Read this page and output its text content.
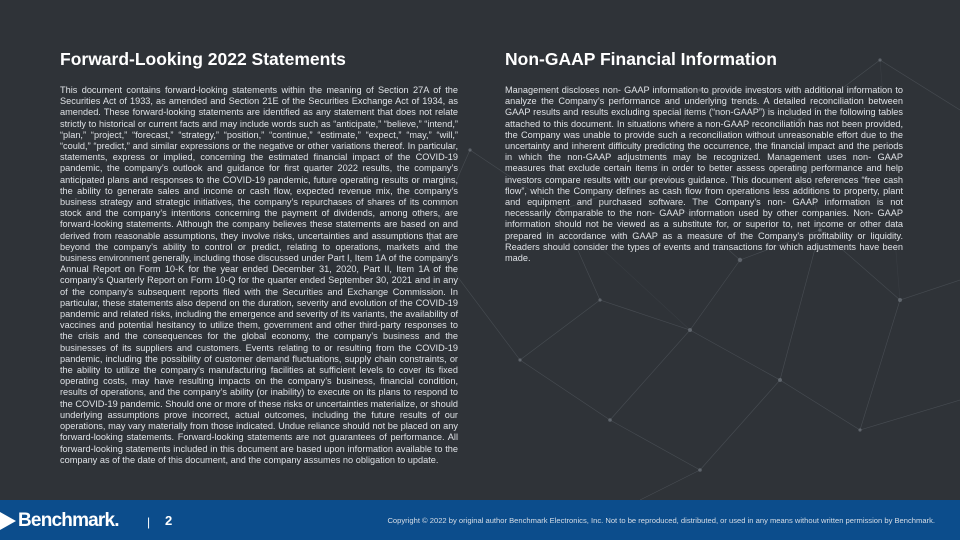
Forward-Looking 2022 Statements

This document contains forward-looking statements within the meaning of Section 27A of the Securities Act of 1933, as amended and Section 21E of the Securities Exchange Act of 1934, as amended. These forward-looking statements are identified as any statement that does not relate strictly to historical or current facts and may include words such as “anticipate,” “believe,” “intend,” “plan,” “project,” “forecast,” “strategy,” “position,” “continue,” “estimate,” “expect,” “may,” “will,” “could,” “predict,” and similar expressions or the negative or other variations thereof. In particular, statements, express or implied, concerning the estimated financial impact of the COVID-19 pandemic, the company’s outlook and guidance for first quarter 2022 results, the company’s anticipated plans and responses to the COVID-19 pandemic, future operating results or margins, the ability to generate sales and income or cash flow, expected revenue mix, the company’s business strategy and strategic initiatives, the company’s repurchases of shares of its common stock and the company’s intentions concerning the payment of dividends, among others, are forward-looking statements. Although the company believes these statements are based on and derived from reasonable assumptions, they involve risks, uncertainties and assumptions that are beyond the company’s ability to control or predict, relating to operations, markets and the business environment generally, including those discussed under Part I, Item 1A of the company's Annual Report on Form 10-K for the year ended December 31, 2020, Part II, Item 1A of the company's Quarterly Report on Form 10-Q for the quarter ended September 30, 2021 and in any of the company’s subsequent reports filed with the Securities and Exchange Commission. In particular, these statements also depend on the duration, severity and evolution of the COVID-19 pandemic and related risks, including the emergence and severity of its variants, the availability of vaccines and potential hesitancy to utilize them, government and other third-party responses to the crisis and the consequences for the global economy, the company’s business and the businesses of its suppliers and customers. Events relating to or resulting from the COVID-19 pandemic, including the possibility of customer demand fluctuations, supply chain constraints, or the ability to utilize the company’s manufacturing facilities at sufficient levels to cover its fixed operating costs, may have resulting impacts on the company’s business, financial condition, results of operations, and the company’s ability (or inability) to execute on its plans to respond to the COVID-19 pandemic. Should one or more of these risks or uncertainties materialize, or should underlying assumptions prove incorrect, actual outcomes, including the future results of our operations, may vary materially from those indicated. Undue reliance should not be placed on any forward-looking statements. Forward-looking statements are not guarantees of performance. All forward-looking statements included in this document are based upon information available to the company as of the date of this document, and the company assumes no obligation to update.

Non-GAAP Financial Information

Management discloses non‑ GAAP information to provide investors with additional information to analyze the Company’s performance and underlying trends. A detailed reconciliation between GAAP results and results excluding special items (“non-GAAP”) is included in the following tables attached to this document. In situations where a non-GAAP reconciliation has not been provided, the Company was unable to provide such a reconciliation without unreasonable effort due to the uncertainty and inherent difficulty predicting the occurrence, the financial impact and the periods in which the non-GAAP adjustments may be recognized. Management uses non‑ GAAP measures that exclude certain items in order to better assess operating performance and help investors compare results with our previous guidance. This document also references “free cash flow”, which the Company defines as cash flow from operations less additions to property, plant and equipment and purchased software. The Company’s non‑ GAAP information is not necessarily comparable to the non‑ GAAP information used by other companies. Non‑ GAAP information should not be viewed as a substitute for, or superior to, net income or other data prepared in accordance with GAAP as a measure of the Company’s profitability or liquidity. Readers should consider the types of events and transactions for which adjustments have been made.

Benchmark. | 2	Copyright © 2022 by original author Benchmark Electronics, Inc. Not to be reproduced, distributed, or used in any means without written permission by Benchmark.
